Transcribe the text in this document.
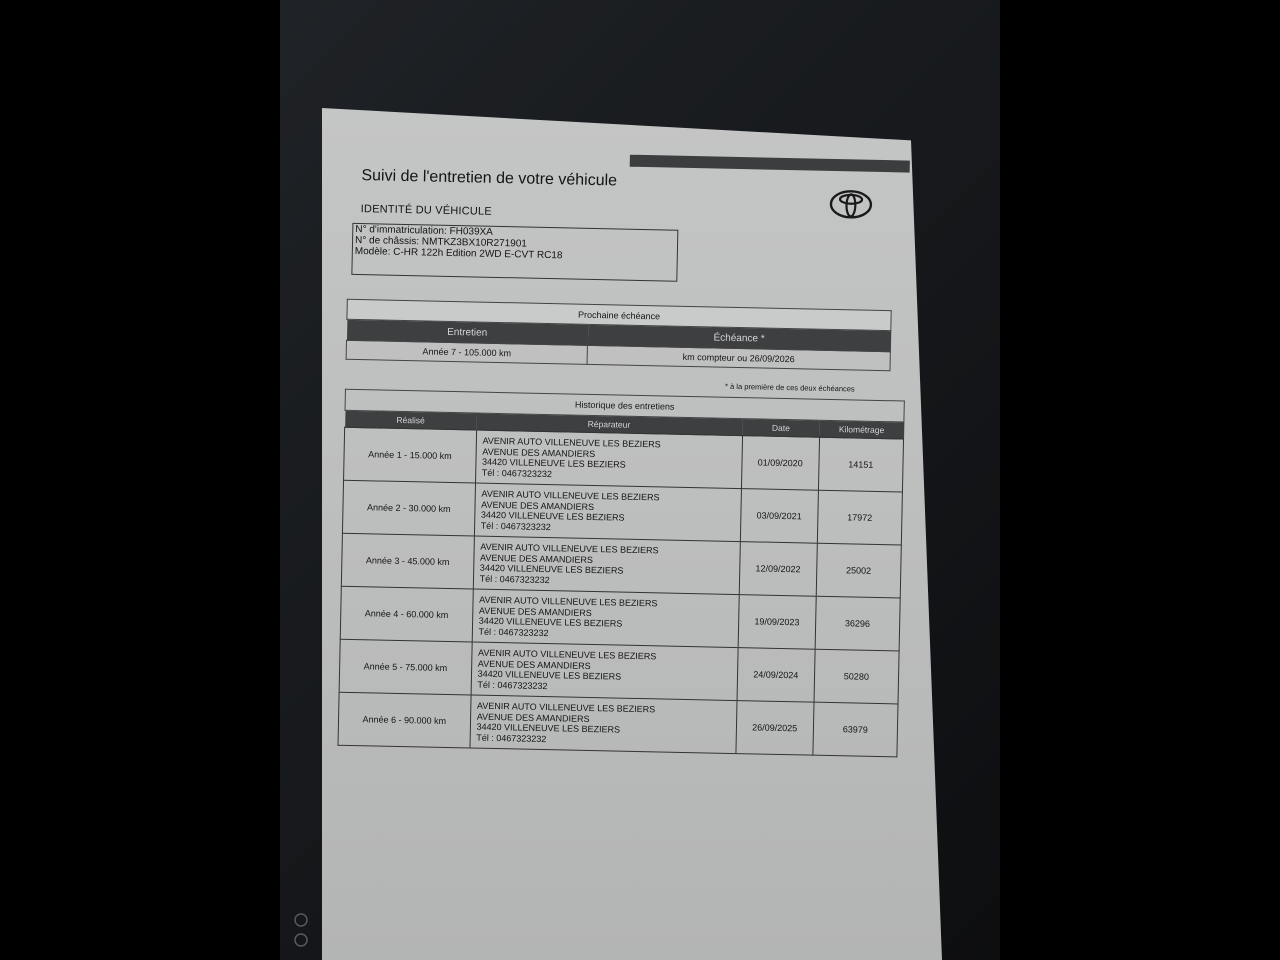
Suivi de l'entretien de votre véhicule
IDENTITÉ DU VÉHICULE
N° d'immatriculation: FH039XA
N° de châssis: NMTKZ3BX10R271901
Modèle: C-HR 122h Edition 2WD E-CVT RC18
Prochaine échéance	
Entretien	Échéance *
Année 7 - 105.000 km	km compteur ou 26/09/2026
* à la première de ces deux échéances
Historique des entretiens			
Réalisé	Réparateur	Date	Kilométrage
Année 1 - 15.000 km	AVENIR AUTO VILLENEUVE LES BEZIERS
AVENUE DES AMANDIERS
34420 VILLENEUVE LES BEZIERS
Tél : 0467323232	01/09/2020	14151
Année 2 - 30.000 km	AVENIR AUTO VILLENEUVE LES BEZIERS
AVENUE DES AMANDIERS
34420 VILLENEUVE LES BEZIERS
Tél : 0467323232	03/09/2021	17972
Année 3 - 45.000 km	AVENIR AUTO VILLENEUVE LES BEZIERS
AVENUE DES AMANDIERS
34420 VILLENEUVE LES BEZIERS
Tél : 0467323232	12/09/2022	25002
Année 4 - 60.000 km	AVENIR AUTO VILLENEUVE LES BEZIERS
AVENUE DES AMANDIERS
34420 VILLENEUVE LES BEZIERS
Tél : 0467323232	19/09/2023	36296
Année 5 - 75.000 km	AVENIR AUTO VILLENEUVE LES BEZIERS
AVENUE DES AMANDIERS
34420 VILLENEUVE LES BEZIERS
Tél : 0467323232	24/09/2024	50280
Année 6 - 90.000 km	AVENIR AUTO VILLENEUVE LES BEZIERS
AVENUE DES AMANDIERS
34420 VILLENEUVE LES BEZIERS
Tél : 0467323232	26/09/2025	63979
